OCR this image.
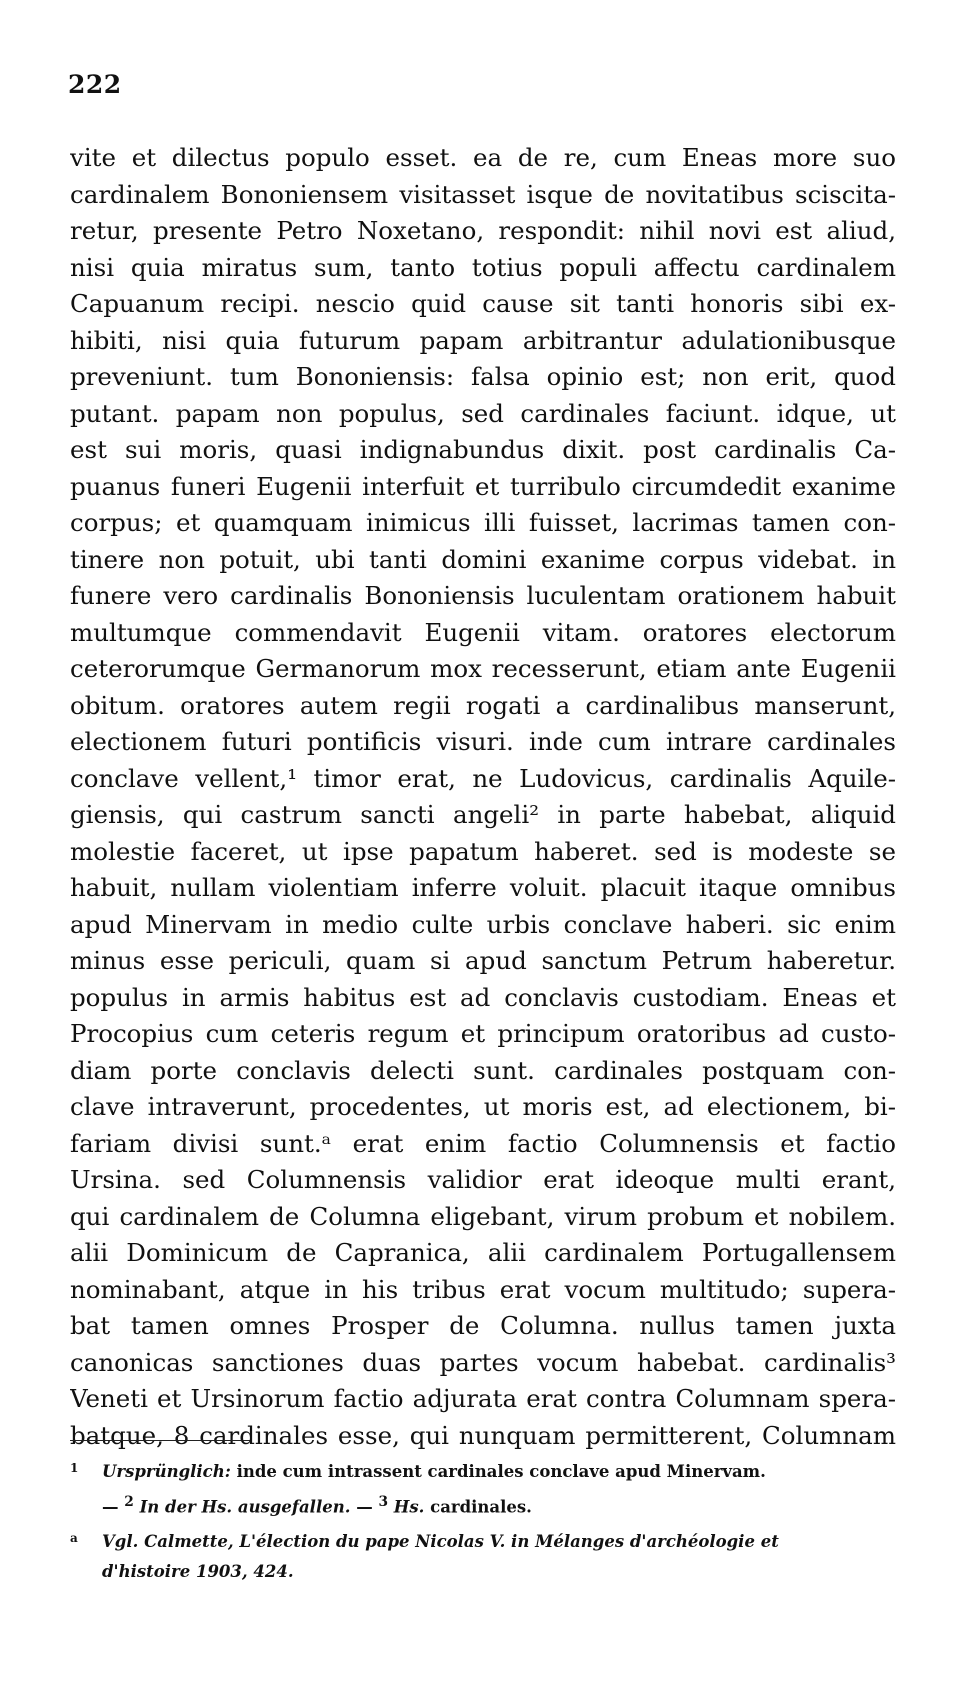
222
vite et dilectus populo esset. ea de re, cum Eneas more suo
cardinalem Bononiensem visitasset isque de novitatibus sciscita-
retur, presente Petro Noxetano, respondit: nihil novi est aliud,
nisi quia miratus sum, tanto totius populi affectu cardinalem
Capuanum recipi. nescio quid cause sit tanti honoris sibi ex-
hibiti, nisi quia futurum papam arbitrantur adulationibusque
preveniunt. tum Bononiensis: falsa opinio est; non erit, quod
putant. papam non populus, sed cardinales faciunt. idque, ut
est sui moris, quasi indignabundus dixit. post cardinalis Ca-
puanus funeri Eugenii interfuit et turribulo circumdedit exanime
corpus; et quamquam inimicus illi fuisset, lacrimas tamen con-
tinere non potuit, ubi tanti domini exanime corpus videbat. in
funere vero cardinalis Bononiensis luculentam orationem habuit
multumque commendavit Eugenii vitam. oratores electorum
ceterorumque Germanorum mox recesserunt, etiam ante Eugenii
obitum. oratores autem regii rogati a cardinalibus manserunt,
electionem futuri pontificis visuri. inde cum intrare cardinales
conclave vellent,¹ timor erat, ne Ludovicus, cardinalis Aquile-
giensis, qui castrum sancti angeli² in parte habebat, aliquid
molestie faceret, ut ipse papatum haberet. sed is modeste se
habuit, nullam violentiam inferre voluit. placuit itaque omnibus
apud Minervam in medio culte urbis conclave haberi. sic enim
minus esse periculi, quam si apud sanctum Petrum haberetur.
populus in armis habitus est ad conclavis custodiam. Eneas et
Procopius cum ceteris regum et principum oratoribus ad custo-
diam porte conclavis delecti sunt. cardinales postquam con-
clave intraverunt, procedentes, ut moris est, ad electionem, bi-
fariam divisi sunt.ᵃ erat enim factio Columnensis et factio
Ursina. sed Columnensis validior erat ideoque multi erant,
qui cardinalem de Columna eligebant, virum probum et nobilem.
alii Dominicum de Capranica, alii cardinalem Portugallensem
nominabant, atque in his tribus erat vocum multitudo; supera-
bat tamen omnes Prosper de Columna. nullus tamen juxta
canonicas sanctiones duas partes vocum habebat. cardinalis³
Veneti et Ursinorum factio adjurata erat contra Columnam spera-
batque, 8 cardinales esse, qui nunquam permitterent, Columnam
1 Ursprünglich: inde cum intrassent cardinales conclave apud Minervam.
— $^2$ In der Hs. ausgefallen. — $^3$ Hs. cardinales.
a Vgl. Calmette, L'élection du pape Nicolas V. in Mélanges d'archéologie et
d'histoire 1903, 424.
